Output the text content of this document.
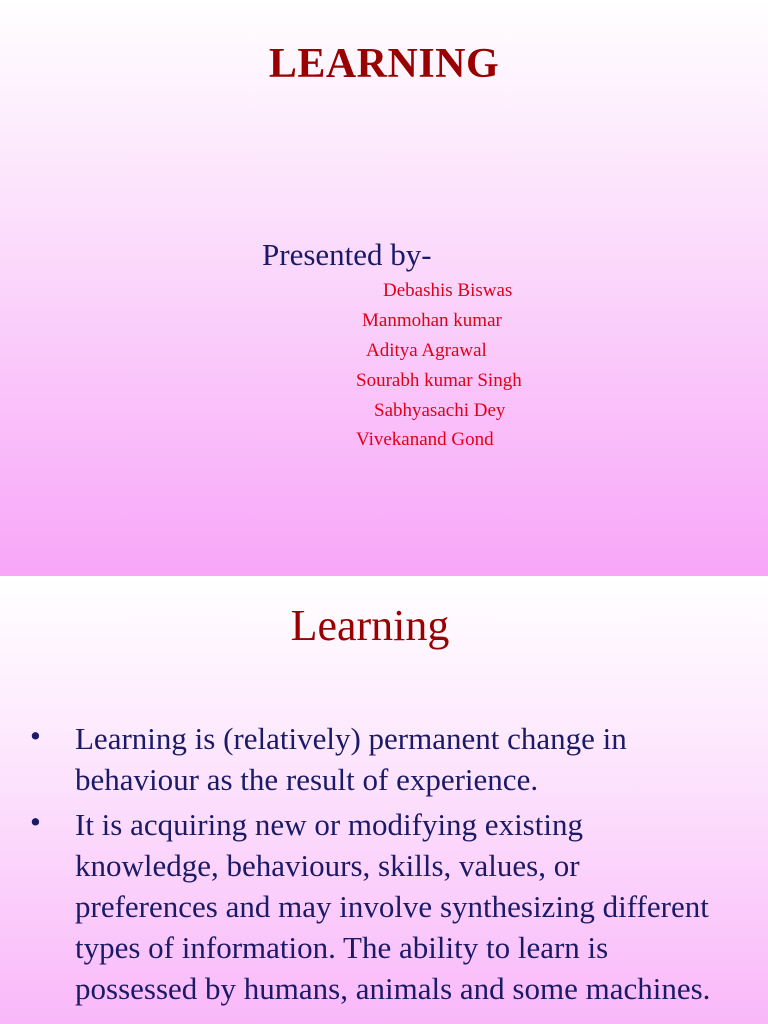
LEARNING
Presented by-
Debashis Biswas
Manmohan kumar
Aditya Agrawal
Sourabh kumar Singh
Sabhyasachi Dey
Vivekanand Gond
Learning
• Learning is (relatively) permanent change in behaviour as the result of experience.
• It is acquiring new or modifying existing knowledge, behaviours, skills, values, or preferences and may involve synthesizing different types of information. The ability to learn is possessed by humans, animals and some machines.
